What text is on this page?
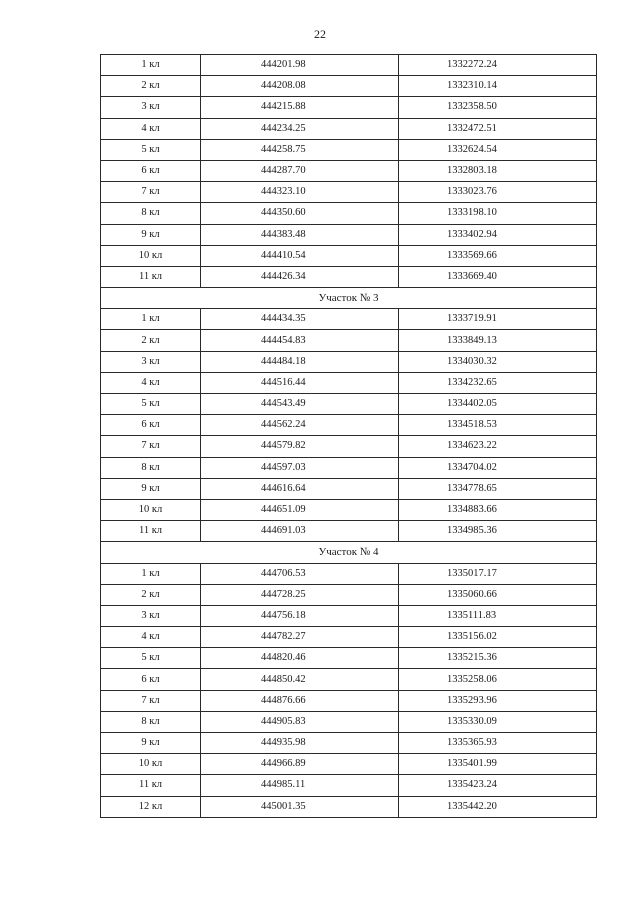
22
1 кл	444201.98	1332272.24
2 кл	444208.08	1332310.14
3 кл	444215.88	1332358.50
4 кл	444234.25	1332472.51
5 кл	444258.75	1332624.54
6 кл	444287.70	1332803.18
7 кл	444323.10	1333023.76
8 кл	444350.60	1333198.10
9 кл	444383.48	1333402.94
10 кл	444410.54	1333569.66
11 кл	444426.34	1333669.40
Участок № 3		
1 кл	444434.35	1333719.91
2 кл	444454.83	1333849.13
3 кл	444484.18	1334030.32
4 кл	444516.44	1334232.65
5 кл	444543.49	1334402.05
6 кл	444562.24	1334518.53
7 кл	444579.82	1334623.22
8 кл	444597.03	1334704.02
9 кл	444616.64	1334778.65
10 кл	444651.09	1334883.66
11 кл	444691.03	1334985.36
Участок № 4		
1 кл	444706.53	1335017.17
2 кл	444728.25	1335060.66
3 кл	444756.18	1335111.83
4 кл	444782.27	1335156.02
5 кл	444820.46	1335215.36
6 кл	444850.42	1335258.06
7 кл	444876.66	1335293.96
8 кл	444905.83	1335330.09
9 кл	444935.98	1335365.93
10 кл	444966.89	1335401.99
11 кл	444985.11	1335423.24
12 кл	445001.35	1335442.20
